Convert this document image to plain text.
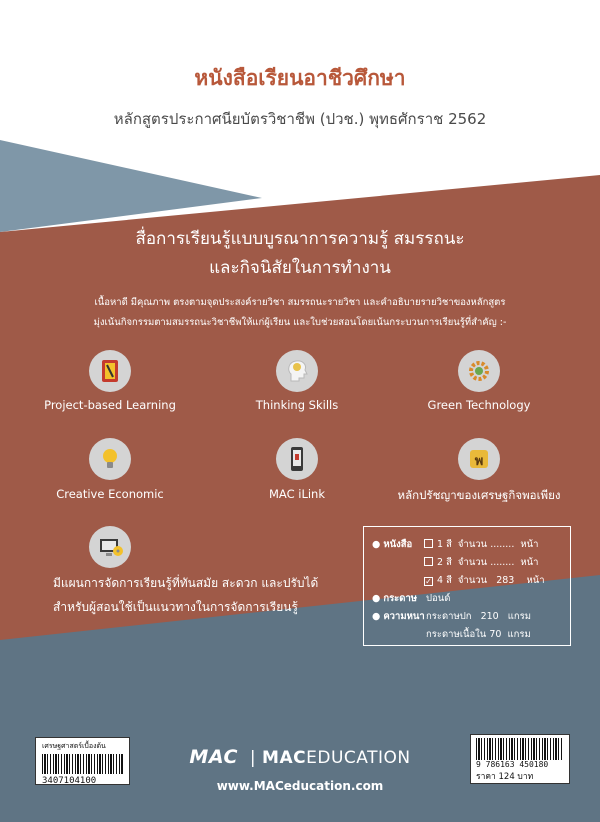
หนังสือเรียนอาชีวศึกษา
หลักสูตรประกาศนียบัตรวิชาชีพ (ปวช.) พุทธศักราช 2562
สื่อการเรียนรู้แบบบูรณาการความรู้ สมรรถนะ
และกิจนิสัยในการทำงาน
เนื้อหาดี มีคุณภาพ ตรงตามจุดประสงค์รายวิชา สมรรถนะรายวิชา และคำอธิบายรายวิชาของหลักสูตร
มุ่งเน้นกิจกรรมตามสมรรถนะวิชาชีพให้แก่ผู้เรียน และใบช่วยสอนโดยเน้นกระบวนการเรียนรู้ที่สำคัญ :-
Project-based Learning	Thinking Skills	Green Technology
Creative Economic	MAC iLink
พ
หลักปรัชญาของเศรษฐกิจพอเพียง
มีแผนการจัดการเรียนรู้ที่ทันสมัย สะดวก และปรับได้
สำหรับผู้สอนใช้เป็นแนวทางในการจัดการเรียนรู้
● หนังสือ	1 สี จำนวน ........ หน้า
2 สี จำนวน ........ หน้า
✓ 4 สี จำนวน 283 หน้า
● กระดาษ ปอนด์
● ความหนา กระดาษปก 210 แกรม
กระดาษเนื้อใน 70 แกรม
เศรษฐศาสตร์เบื้องต้น
3407104100
MAC | MACEDUCATION
www.MACeducation.com
9 786163 450180
ราคา 124 บาท
